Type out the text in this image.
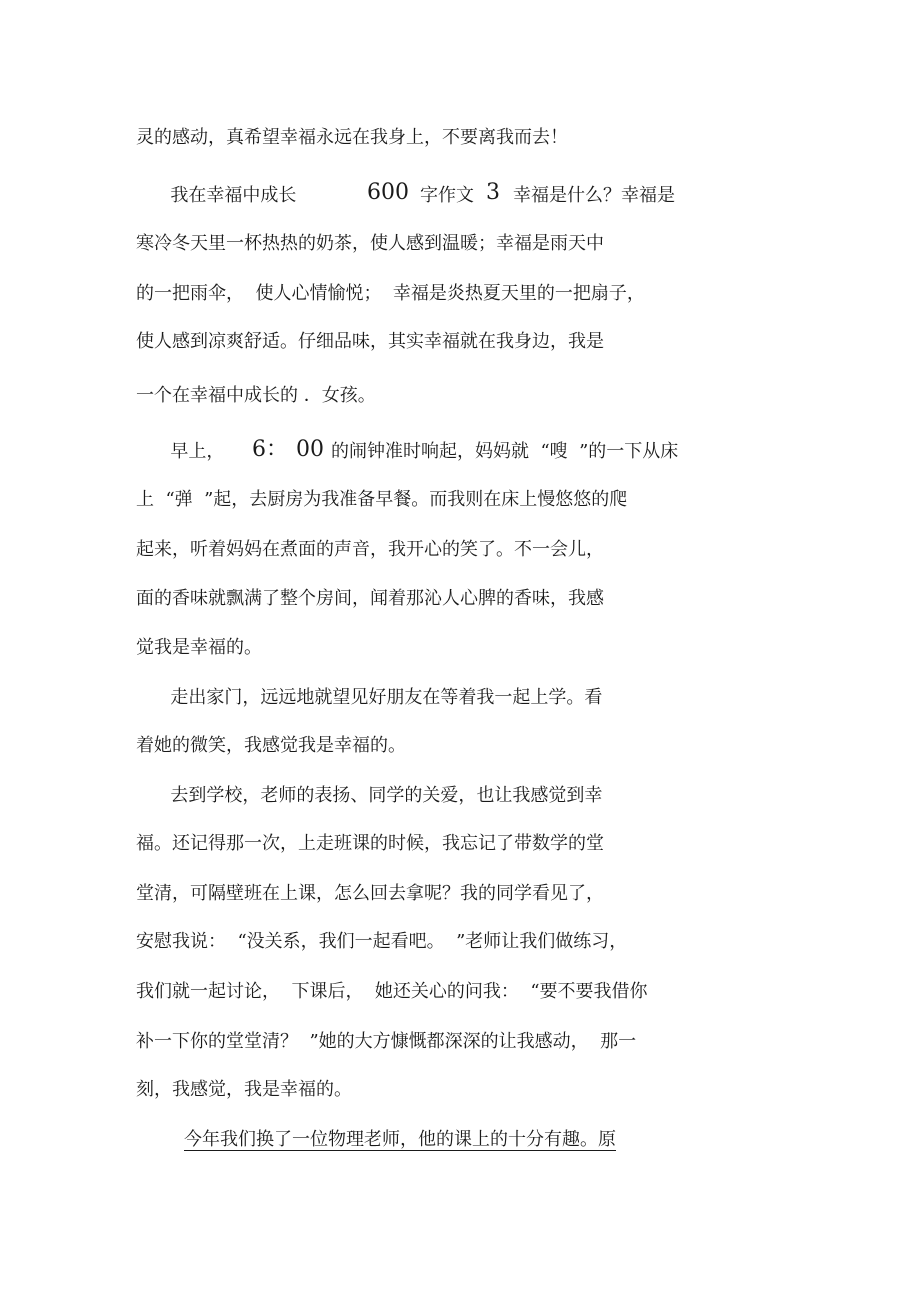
灵的感动，真希望幸福永远在我身上，不要离我而去！

我在幸福中成长	600 字作文 3 幸福是什么？幸福是

寒冷冬天里一杯热热的奶茶，使人感到温暖；幸福是雨天中

的一把雨伞，  使人心情愉悦；  幸福是炎热夏天里的一把扇子，

使人感到凉爽舒适。仔细品味，其实幸福就在我身边，我是

一个在幸福中成长的 ．女孩。

早上， 6： 00 的闹钟准时响起，妈妈就  “嗖  ”的一下从床

上  “弹  ”起，去厨房为我准备早餐。而我则在床上慢悠悠的爬

起来，听着妈妈在煮面的声音，我开心的笑了。不一会儿，

面的香味就飘满了整个房间，闻着那沁人心脾的香味，我感

觉我是幸福的。

走出家门，远远地就望见好朋友在等着我一起上学。看

着她的微笑，我感觉我是幸福的。

去到学校，老师的表扬、同学的关爱，也让我感觉到幸

福。还记得那一次，上走班课的时候，我忘记了带数学的堂

堂清，可隔壁班在上课，怎么回去拿呢？我的同学看见了，

安慰我说：  “没关系，我们一起看吧。  ”老师让我们做练习，

我们就一起讨论，  下课后，  她还关心的问我：  “要不要我借你

补一下你的堂堂清？  ”她的大方慷慨都深深的让我感动，  那一

刻，我感觉，我是幸福的。

今年我们换了一位物理老师，他的课上的十分有趣。原
